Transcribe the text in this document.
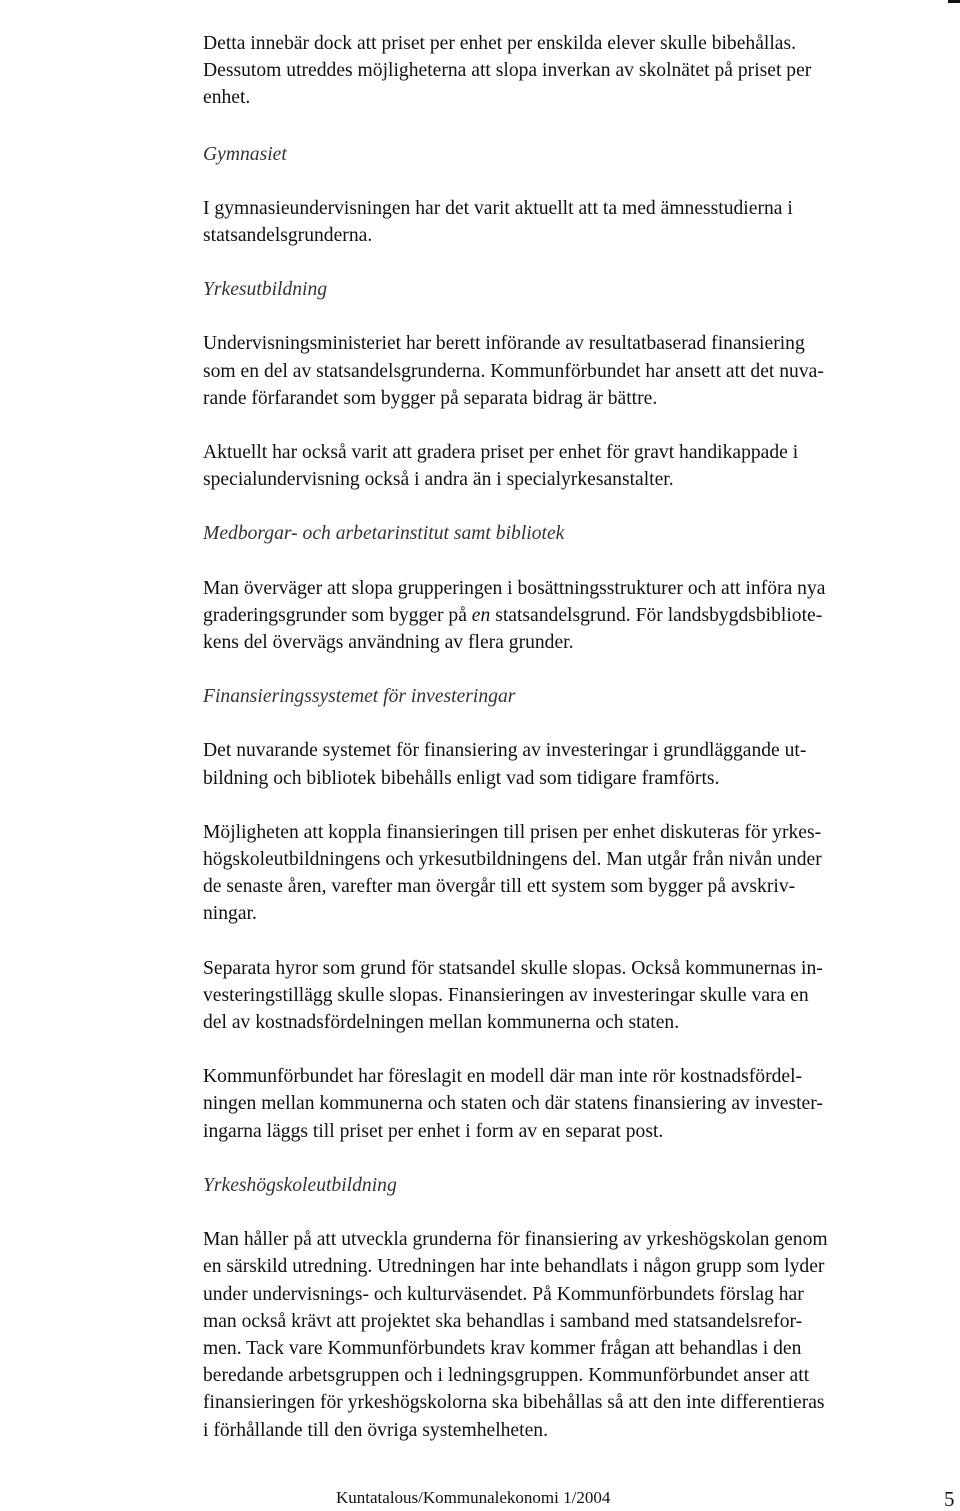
Detta innebär dock att priset per enhet per enskilda elever skulle bibehållas.
Dessutom utreddes möjligheterna att slopa inverkan av skolnätet på priset per
enhet.

Gymnasiet

I gymnasieundervisningen har det varit aktuellt att ta med ämnesstudierna i
statsandelsgrunderna.

Yrkesutbildning

Undervisningsministeriet har berett införande av resultatbaserad finansiering
som en del av statsandelsgrunderna. Kommunförbundet har ansett att det nuva-
rande förfarandet som bygger på separata bidrag är bättre.

Aktuellt har också varit att gradera priset per enhet för gravt handikappade i
specialundervisning också i andra än i specialyrkesanstalter.

Medborgar- och arbetarinstitut samt bibliotek

Man överväger att slopa grupperingen i bosättningsstrukturer och att införa nya
graderingsgrunder som bygger på en statsandelsgrund. För landsbygdsbibliote-
kens del övervägs användning av flera grunder.

Finansieringssystemet för investeringar

Det nuvarande systemet för finansiering av investeringar i grundläggande ut-
bildning och bibliotek bibehålls enligt vad som tidigare framförts.

Möjligheten att koppla finansieringen till prisen per enhet diskuteras för yrkes-
högskoleutbildningens och yrkesutbildningens del. Man utgår från nivån under
de senaste åren, varefter man övergår till ett system som bygger på avskriv-
ningar.

Separata hyror som grund för statsandel skulle slopas. Också kommunernas in-
vesteringstillägg skulle slopas. Finansieringen av investeringar skulle vara en
del av kostnadsfördelningen mellan kommunerna och staten.

Kommunförbundet har föreslagit en modell där man inte rör kostnadsfördel-
ningen mellan kommunerna och staten och där statens finansiering av invester-
ingarna läggs till priset per enhet i form av en separat post.

Yrkeshögskoleutbildning

Man håller på att utveckla grunderna för finansiering av yrkeshögskolan genom
en särskild utredning. Utredningen har inte behandlats i någon grupp som lyder
under undervisnings- och kulturväsendet. På Kommunförbundets förslag har
man också krävt att projektet ska behandlas i samband med statsandelsrefor-
men. Tack vare Kommunförbundets krav kommer frågan att behandlas i den
beredande arbetsgruppen och i ledningsgruppen. Kommunförbundet anser att
finansieringen för yrkeshögskolorna ska bibehållas så att den inte differentieras
i förhållande till den övriga systemhelheten.

Kuntatalous/Kommunalekonomi 1/2004	5
